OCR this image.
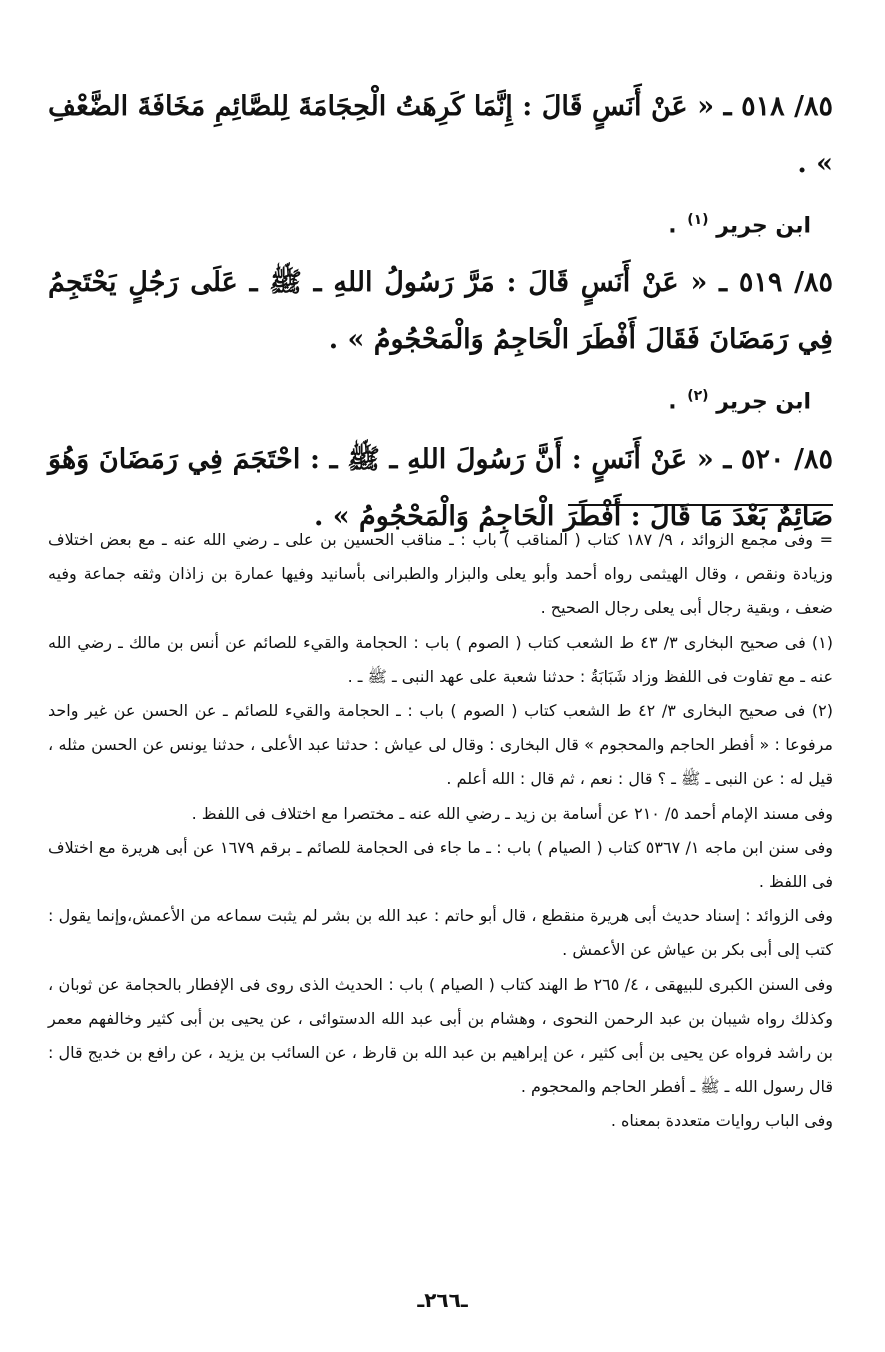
٨٥/ ٥١٨ ـ « عَنْ أَنَسٍ قَالَ : إِنَّمَا كَرِهَتُ الْحِجَامَةَ لِلصَّائِمِ مَخَافَةَ الضَّعْفِ » .

ابن جرير $^{(١)}$ .

٨٥/ ٥١٩ ـ « عَنْ أَنَسٍ قَالَ : مَرَّ رَسُولُ اللهِ ـ ﷺ ـ عَلَى رَجُلٍ يَحْتَجِمُ فِي رَمَضَانَ فَقَالَ أَفْطَرَ الْحَاجِمُ وَالْمَحْجُومُ » .

ابن جرير $^{(٢)}$ .

٨٥/ ٥٢٠ ـ « عَنْ أَنَسٍ : أَنَّ رَسُولَ اللهِ ـ ﷺ ـ : احْتَجَمَ فِي رَمَضَانَ وَهُوَ صَائِمٌ بَعْدَ مَا قَالَ : أَفْطَرَ الْحَاجِمُ وَالْمَحْجُومُ » .

= وفى مجمع الزوائد ، ٩/ ١٨٧ كتاب ( المناقب ) باب : ـ مناقب الحسين بن على ـ رضي الله عنه ـ مع بعض اختلاف وزيادة ونقص ، وقال الهيثمى رواه أحمد وأبو يعلى والبزار والطبرانى بأسانيد وفيها عمارة بن زاذان وثقه جماعة وفيه ضعف ، وبقية رجال أبى يعلى رجال الصحيح .

(١) فى صحيح البخارى ٣/ ٤٣ ط الشعب كتاب ( الصوم ) باب : الحجامة والقيء للصائم عن أنس بن مالك ـ رضي الله عنه ـ مع تفاوت فى اللفظ وزاد شَبَابَةُ : حدثنا شعبة على عهد النبى ـ ﷺ ـ .

(٢) فى صحيح البخارى ٣/ ٤٢ ط الشعب كتاب ( الصوم ) باب : ـ الحجامة والقيء للصائم ـ عن الحسن عن غير واحد مرفوعا : « أفطر الحاجم والمحجوم » قال البخارى : وقال لى عياش : حدثنا عبد الأعلى ، حدثنا يونس عن الحسن مثله ، قيل له : عن النبى ـ ﷺ ـ ؟ قال : نعم ، ثم قال : الله أعلم .

وفى مسند الإمام أحمد ٥/ ٢١٠ عن أسامة بن زيد ـ رضي الله عنه ـ مختصرا مع اختلاف فى اللفظ .

وفى سنن ابن ماجه ١/ ٥٣٦٧ كتاب ( الصيام ) باب : ـ ما جاء فى الحجامة للصائم ـ برقم ١٦٧٩ عن أبى هريرة مع اختلاف فى اللفظ .

وفى الزوائد : إسناد حديث أبى هريرة منقطع ، قال أبو حاتم : عبد الله بن بشر لم يثبت سماعه من الأعمش،وإنما يقول : كتب إلى أبى بكر بن عياش عن الأعمش .

وفى السنن الكبرى للبيهقى ، ٤/ ٢٦٥ ط الهند كتاب ( الصيام ) باب : الحديث الذى روى فى الإفطار بالحجامة عن ثوبان ، وكذلك رواه شيبان بن عبد الرحمن النحوى ، وهشام بن أبى عبد الله الدستوائى ، عن يحيى بن أبى كثير وخالفهم معمر بن راشد فرواه عن يحيى بن أبى كثير ، عن إبراهيم بن عبد الله بن قارظ ، عن السائب بن يزيد ، عن رافع بن خديج قال : قال رسول الله ـ ﷺ ـ أفطر الحاجم والمحجوم .

وفى الباب روايات متعددة بمعناه .

ـ٢٦٦ـ
